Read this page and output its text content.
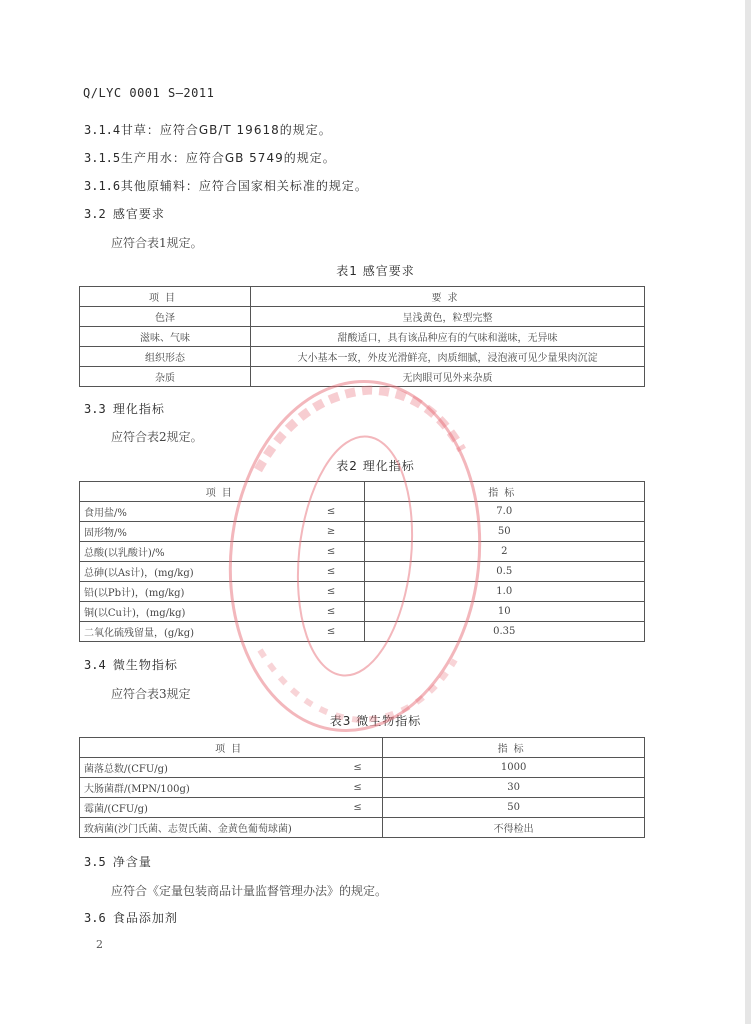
Q/LYC 0001 S—2011
3.1.4 甘草：应符合GB/T 19618的规定。
3.1.5 生产用水：应符合GB 5749的规定。
3.1.6 其他原辅料：应符合国家相关标准的规定。
3.2 感官要求
应符合表1规定。
表1 感官要求
项目	要求
色泽	呈浅黄色，粒型完整
滋味、气味	甜酸适口，具有该品种应有的气味和滋味，无异味
组织形态	大小基本一致，外皮光滑鲜亮，肉质细腻，浸泡液可见少量果肉沉淀
杂质	无肉眼可见外来杂质
3.3 理化指标
应符合表2规定。
表2 理化指标
项目		指标
食用盐/%	≤	7.0
固形物/%	≥	50
总酸(以乳酸计)/%	≤	2
总砷(以As计)，(mg/kg)	≤	0.5
铅(以Pb计)，(mg/kg)	≤	1.0
铜(以Cu计)，(mg/kg)	≤	10
二氧化硫残留量，(g/kg)	≤	0.35
3.4 微生物指标
应符合表3规定
表3 微生物指标
项目		指标
菌落总数/(CFU/g)	≤	1000
大肠菌群/(MPN/100g)	≤	30
霉菌/(CFU/g)	≤	50
致病菌(沙门氏菌、志贺氏菌、金黄色葡萄球菌)		不得检出
3.5 净含量
应符合《定量包装商品计量监督管理办法》的规定。
3.6 食品添加剂
2
